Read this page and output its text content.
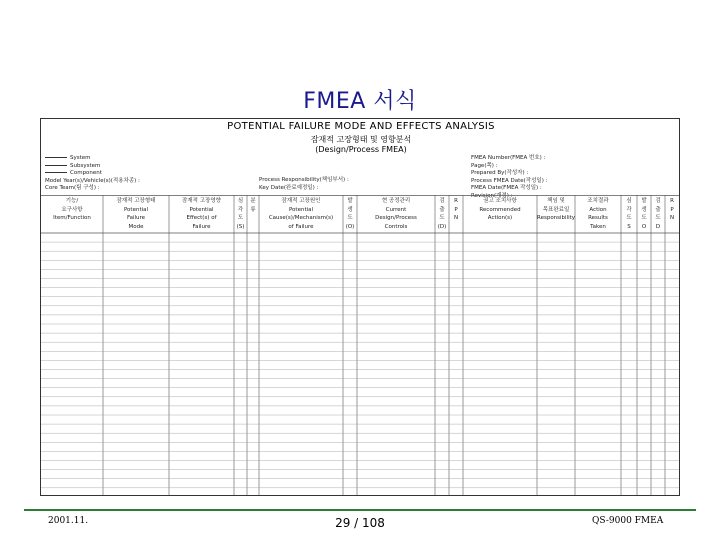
FMEA 서식
POTENTIAL FAILURE MODE AND EFFECTS ANALYSIS
잠재적 고장형태 및 영향분석
(Design/Process FMEA)
System
Subsystem
Component
Model Year(s)/Vehicle(s)(적용차종) :
Core Team(팀 구성) :
Process Responsibility(책임부서) :
Key Date(완료예정일) :
FMEA Number(FMEA 번호) :
Page(쪽) :
Prepared By(작성자) :
Process FMEA Date(작성일) :
FMEA Date(FMEA 작성일) :
Revision(개정) :
기능/
요구사항
Item/Function
잠재적 고장형태
Potential
Failure
Mode
잠재적 고장영향
Potential
Effect(s) of
Failure
심
각
도
(S)
분
류
잠재적 고장원인
Potential
Cause(s)/Mechanism(s)
of Failure
발
생
도
(O)
현 공정관리
Current
Design/Process
Controls
검
출
도
(D)
R
P
N
권고 조치사항
Recommended
Action(s)
책임 및
목표완료일
Responsibility
조치결과
Action
Results
Taken
심
각
도
S
발
생
도
O
검
출
도
D
R
P
N
2001.11.	29 / 108	QS-9000 FMEA
